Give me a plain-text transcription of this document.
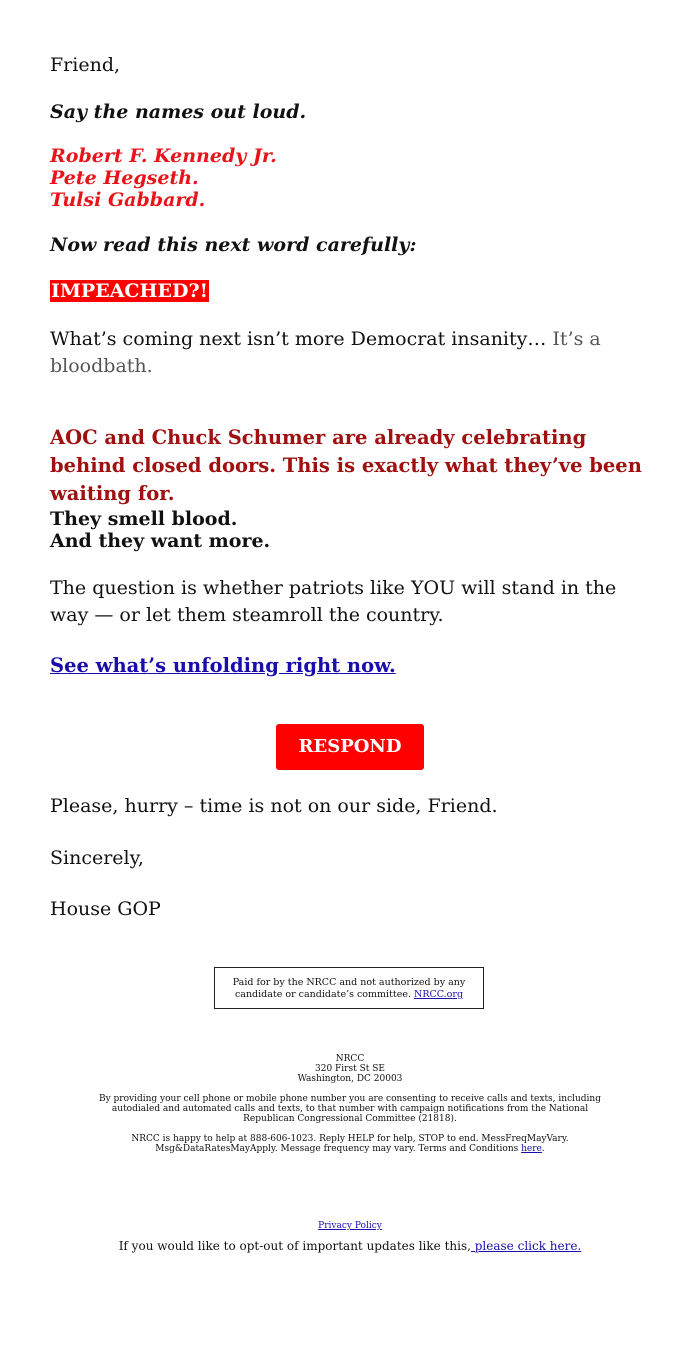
Friend,

Say the names out loud.

Robert F. Kennedy Jr.
Pete Hegseth.
Tulsi Gabbard.

Now read this next word carefully:

IMPEACHED?!

What’s coming next isn’t more Democrat insanity… It’s a bloodbath.

AOC and Chuck Schumer are already celebrating behind closed doors. This is exactly what they’ve been waiting for.

They smell blood.
And they want more.

The question is whether patriots like YOU will stand in the way — or let them steamroll the country.

See what’s unfolding right now.

Please, hurry – time is not on our side, Friend.

Sincerely,

House GOP

RESPOND
Paid for by the NRCC and not authorized by any candidate or candidate’s committee. NRCC.org
NRCC
320 First St SE
Washington, DC 20003
By providing your cell phone or mobile phone number you are consenting to receive calls and texts, including autodialed and automated calls and texts, to that number with campaign notifications from the National Republican Congressional Committee (21818).
NRCC is happy to help at 888-606-1023. Reply HELP for help, STOP to end. MessFreqMayVary. Msg&DataRatesMayApply. Message frequency may vary. Terms and Conditions here.
Privacy Policy
If you would like to opt-out of important updates like this, please click here.
